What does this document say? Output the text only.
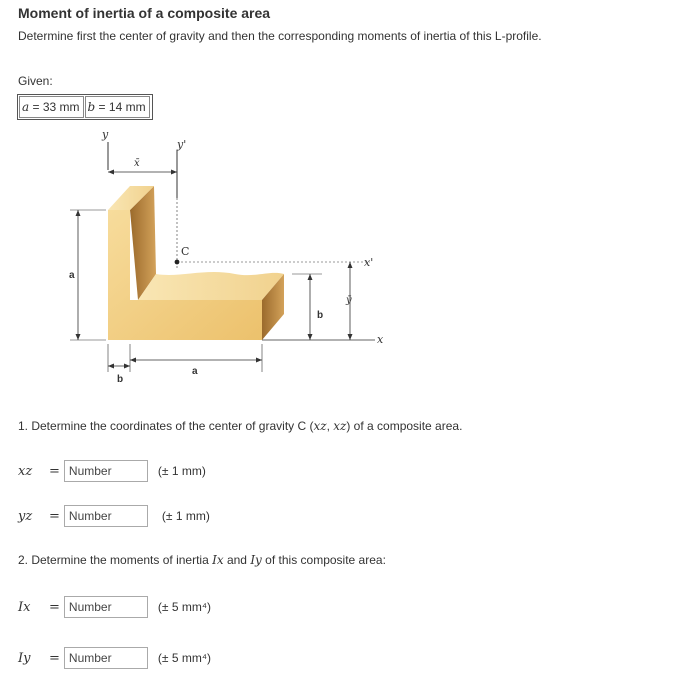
Moment of inertia of a composite area
Determine first the center of gravity and then the corresponding moments of inertia of this L-profile.
Given:
a = 33 mm b = 14 mm
y
y'
x̄
C
x'
x
ȳ
b
a
b
a
1. Determine the coordinates of the center of gravity C (xz, xz) of a composite area.
xz	=
Number	(± 1 mm)
yz	=
Number	(± 1 mm)
2. Determine the moments of inertia Ix and Iy of this composite area:
Ix	=
Number	(± 5 mm⁴)
Iy	=
Number	(± 5 mm⁴)
